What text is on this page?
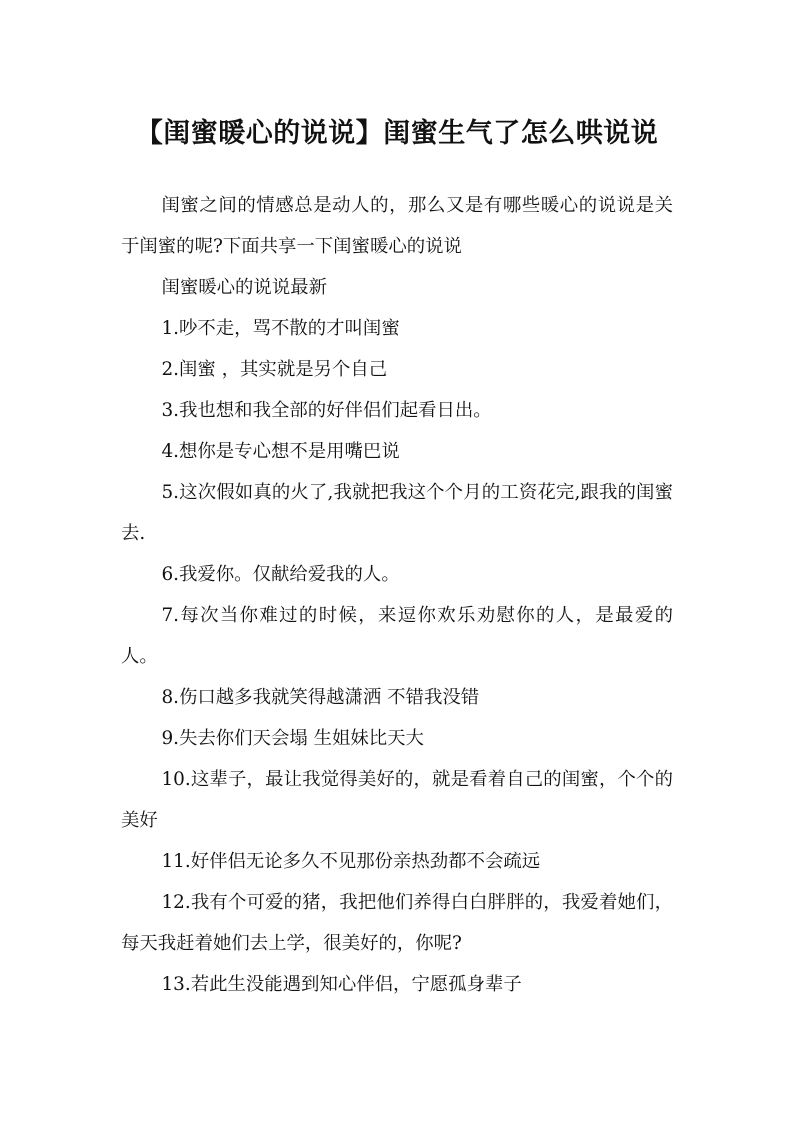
【闺蜜暖心的说说】闺蜜生气了怎么哄说说

闺蜜之间的情感总是动人的，那么又是有哪些暖心的说说是关于闺蜜的呢?下面共享一下闺蜜暖心的说说

闺蜜暖心的说说最新

1.吵不走，骂不散的才叫闺蜜

2.闺蜜 ，其实就是另个自己

3.我也想和我全部的好伴侣们起看日出。

4.想你是专心想不是用嘴巴说

5.这次假如真的火了,我就把我这个个月的工资花完,跟我的闺蜜去.

6.我爱你。仅献给爱我的人。

7.每次当你难过的时候，来逗你欢乐劝慰你的人，是最爱的人。

8.伤口越多我就笑得越潇洒 不错我没错

9.失去你们天会塌 生姐妹比天大

10.这辈子，最让我觉得美好的，就是看着自己的闺蜜，个个的美好

11.好伴侣无论多久不见那份亲热劲都不会疏远

12.我有个可爱的猪，我把他们养得白白胖胖的，我爱着她们，每天我赶着她们去上学，很美好的，你呢?

13.若此生没能遇到知心伴侣，宁愿孤身辈子
